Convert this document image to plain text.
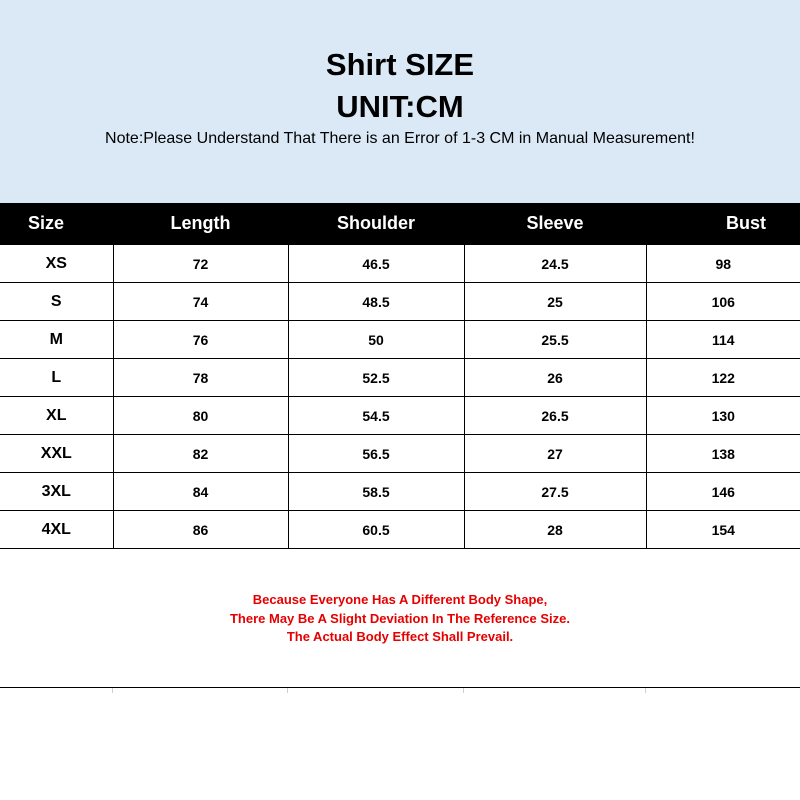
Shirt SIZE
UNIT:CM
Note:Please Understand That There is an Error of 1-3 CM in Manual Measurement!
Size	Length	Shoulder	Sleeve	Bust
XS	72	46.5	24.5	98
S	74	48.5	25	106
M	76	50	25.5	114
L	78	52.5	26	122
XL	80	54.5	26.5	130
XXL	82	56.5	27	138
3XL	84	58.5	27.5	146
4XL	86	60.5	28	154
Because Everyone Has A Different Body Shape,
There May Be A Slight Deviation In The Reference Size.
The Actual Body Effect Shall Prevail.
